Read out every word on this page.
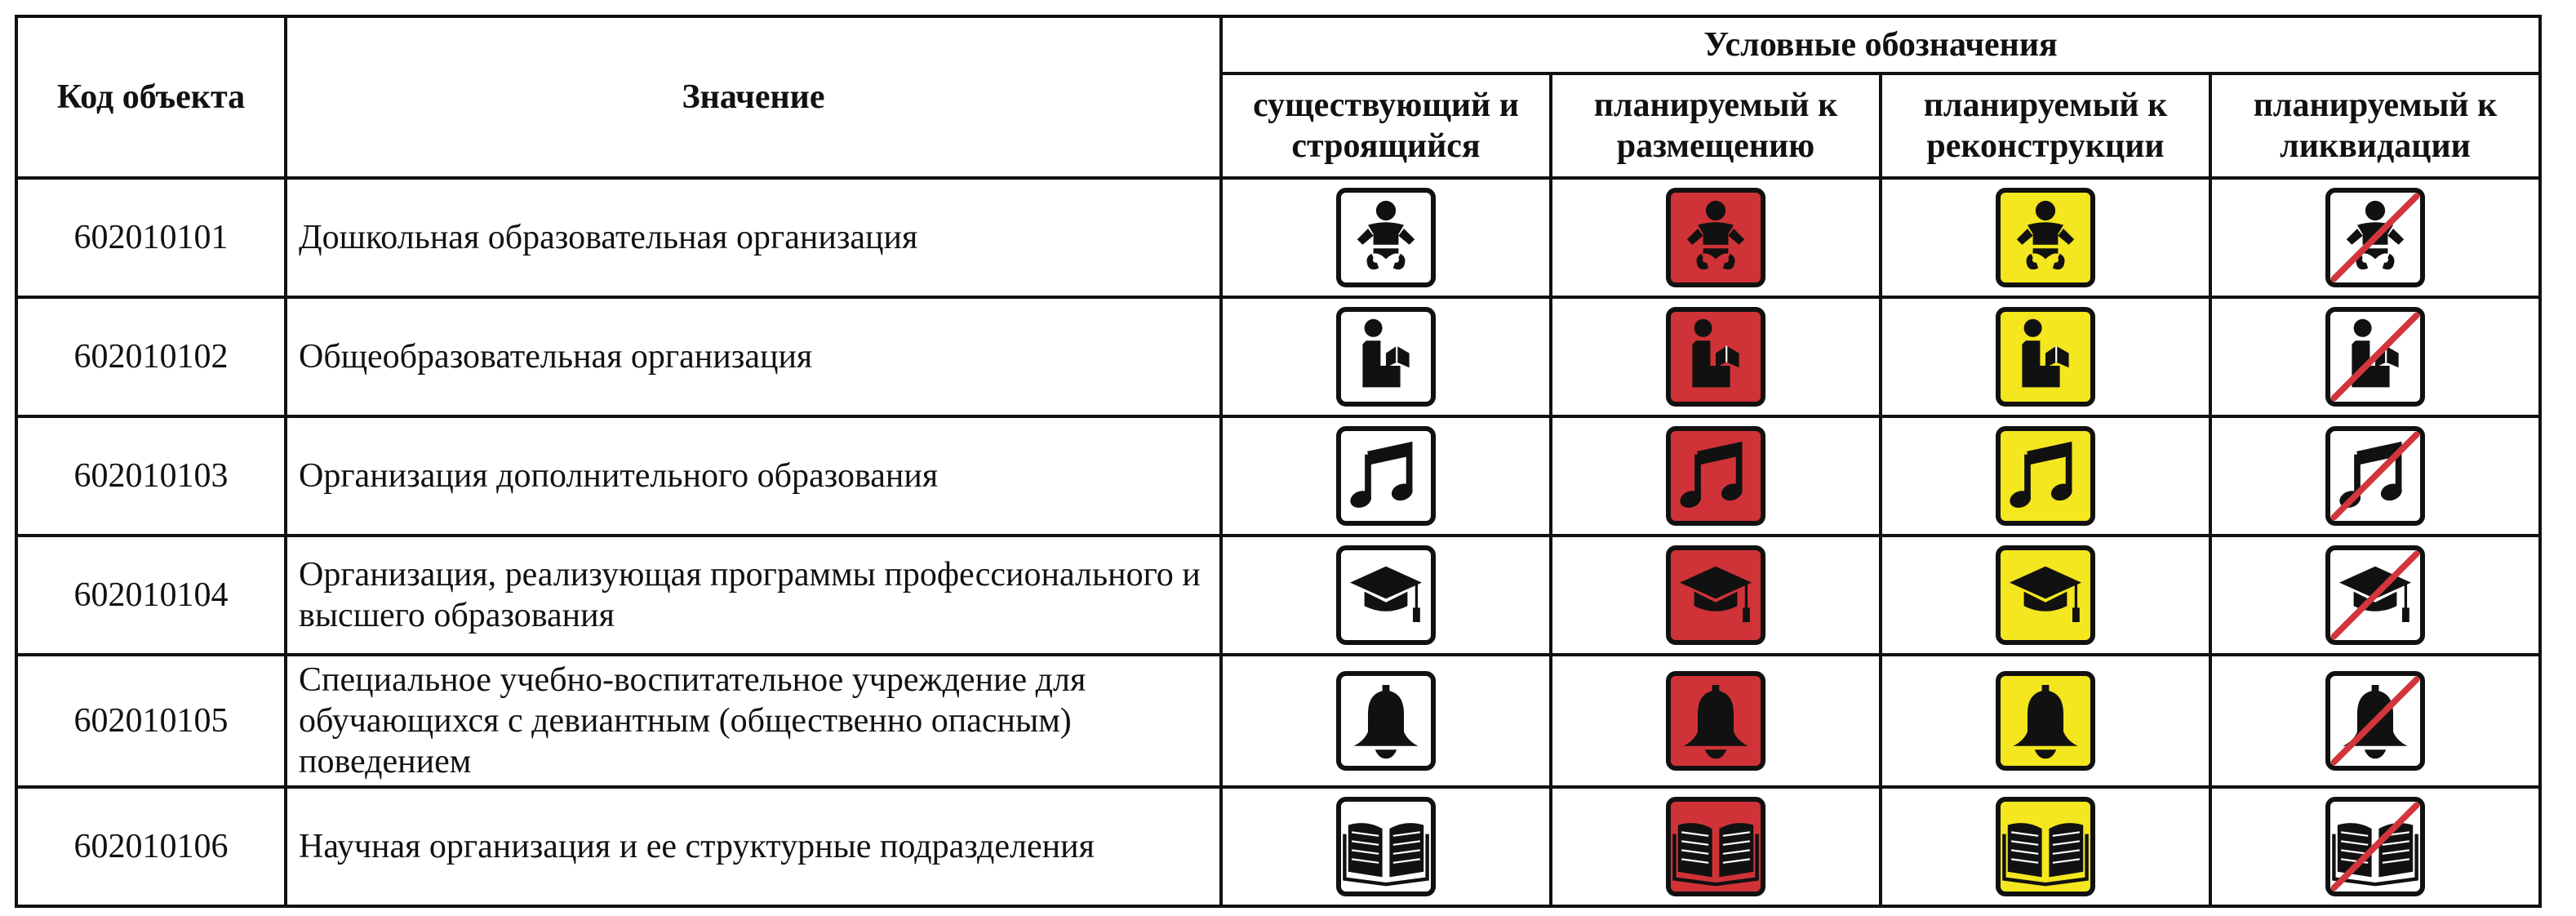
Код объекта	Значение	Условные обозначения			
		существующий и строящийся	планируемый к размещению	планируемый к реконструкции	планируемый к ликвидации
602010101	Дошкольная образовательная организация	

602010102	Общеобразовательная организация	

602010103	Организация дополнительного образования	

602010104	Организация, реализующая программы профессионального и высшего образования	

602010105	Специальное учебно-воспитательное учреждение для обучающихся с девиантным (общественно опасным) поведением	

602010106	Научная организация и ее структурные подразделения	
